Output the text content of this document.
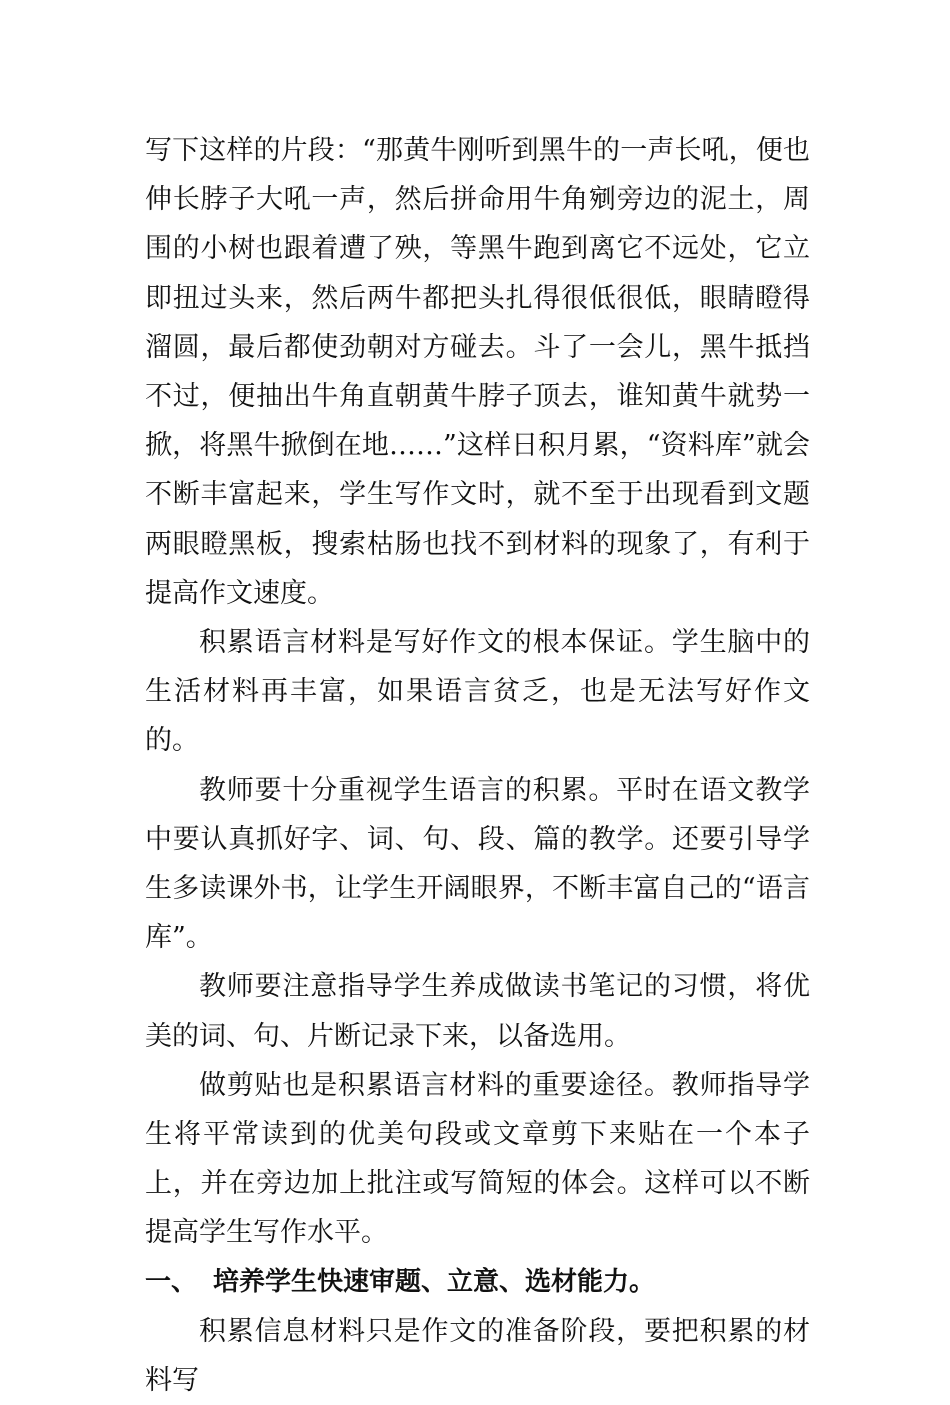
写下这样的片段：“那黄牛刚听到黑牛的一声长吼，便也伸长脖子大吼一声，然后拼命用牛角剜旁边的泥土，周围的小树也跟着遭了殃，等黑牛跑到离它不远处，它立即扭过头来，然后两牛都把头扎得很低很低，眼睛瞪得溜圆，最后都使劲朝对方碰去。斗了一会儿，黑牛抵挡不过，便抽出牛角直朝黄牛脖子顶去，谁知黄牛就势一掀，将黑牛掀倒在地……”这样日积月累，“资料库”就会不断丰富起来，学生写作文时，就不至于出现看到文题两眼瞪黑板，搜索枯肠也找不到材料的现象了，有利于提高作文速度。

积累语言材料是写好作文的根本保证。学生脑中的生活材料再丰富，如果语言贫乏，也是无法写好作文的。

教师要十分重视学生语言的积累。平时在语文教学中要认真抓好字、词、句、段、篇的教学。还要引导学生多读课外书，让学生开阔眼界，不断丰富自己的“语言库”。

教师要注意指导学生养成做读书笔记的习惯，将优美的词、句、片断记录下来，以备选用。

做剪贴也是积累语言材料的重要途径。教师指导学生将平常读到的优美句段或文章剪下来贴在一个本子上，并在旁边加上批注或写简短的体会。这样可以不断提高学生写作水平。

一、 培养学生快速审题、立意、选材能力。

积累信息材料只是作文的准备阶段，要把积累的材料写
